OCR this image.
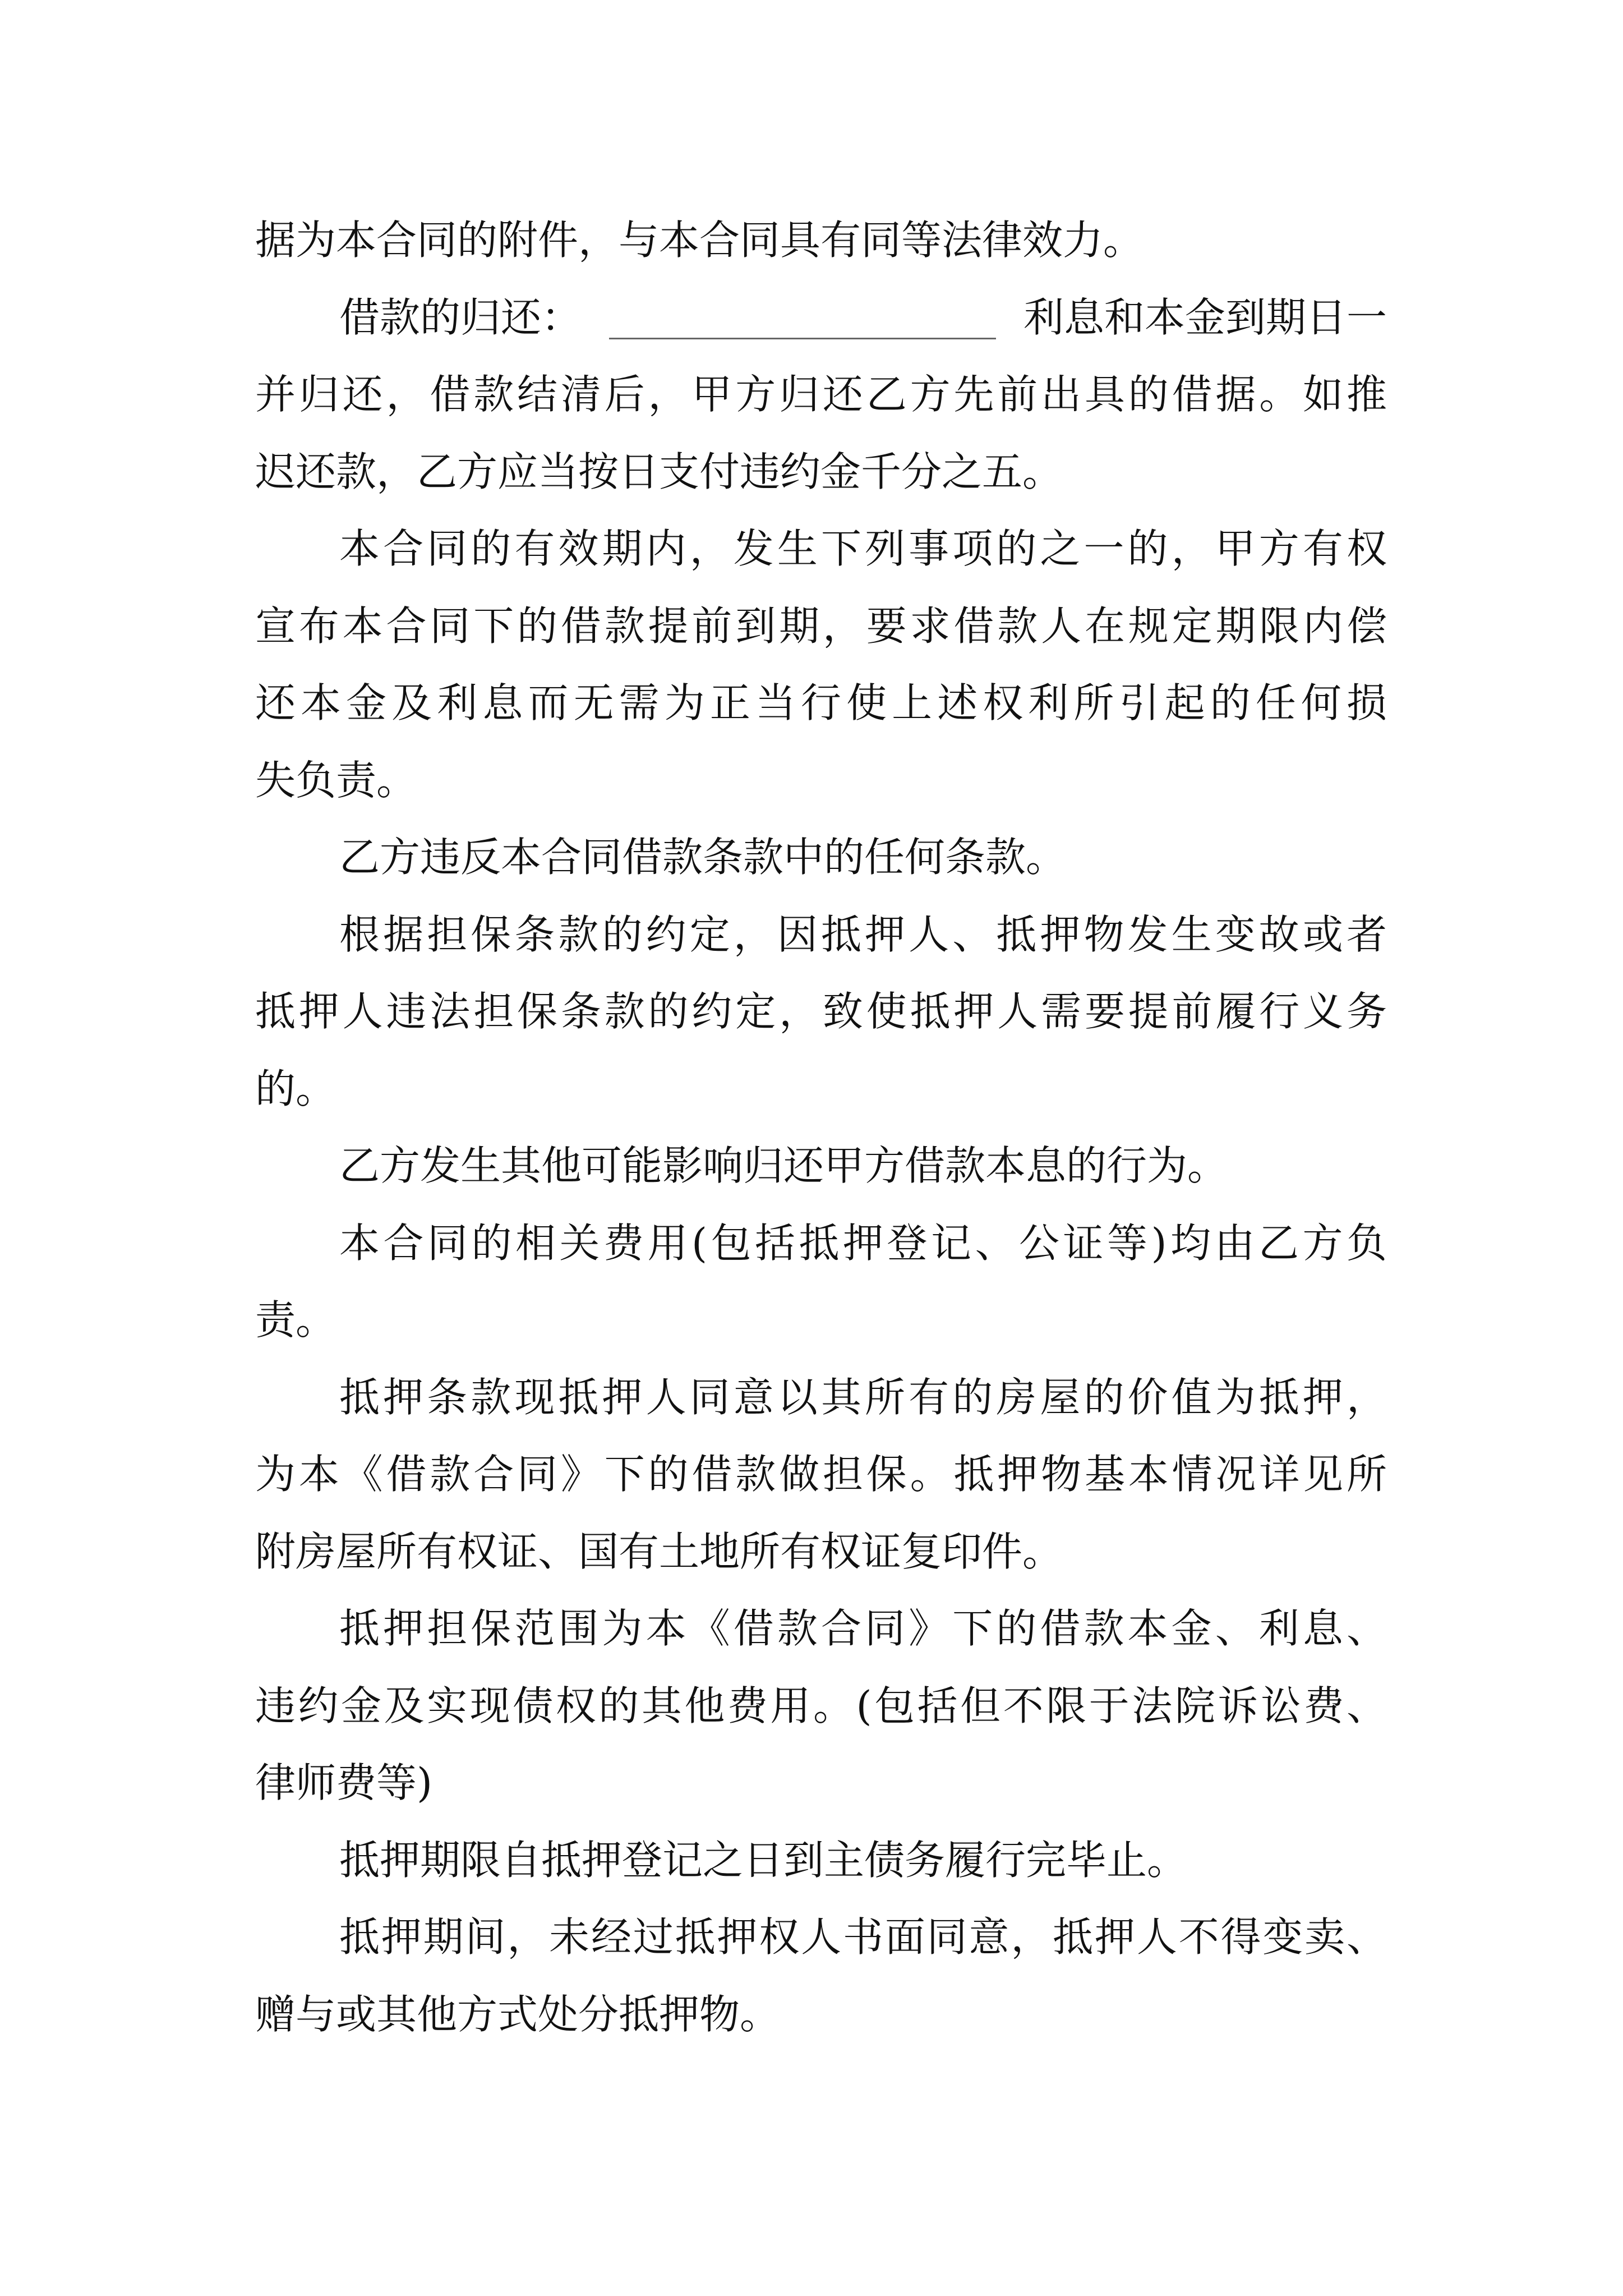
据为本合同的附件，与本合同具有同等法律效力。
借款的归还：	利息和本金到期日一
并归还，借款结清后，甲方归还乙方先前出具的借据。如推
迟还款，乙方应当按日支付违约金千分之五。
本合同的有效期内，发生下列事项的之一的，甲方有权
宣布本合同下的借款提前到期，要求借款人在规定期限内偿
还本金及利息而无需为正当行使上述权利所引起的任何损
失负责。
乙方违反本合同借款条款中的任何条款。
根据担保条款的约定，因抵押人、抵押物发生变故或者
抵押人违法担保条款的约定，致使抵押人需要提前履行义务
的。
乙方发生其他可能影响归还甲方借款本息的行为。
本合同的相关费用(包括抵押登记、公证等)均由乙方负
责。
抵押条款现抵押人同意以其所有的房屋的价值为抵押，
为本《借款合同》下的借款做担保。抵押物基本情况详见所
附房屋所有权证、国有土地所有权证复印件。
抵押担保范围为本《借款合同》下的借款本金、利息、
违约金及实现债权的其他费用。(包括但不限于法院诉讼费、
律师费等)
抵押期限自抵押登记之日到主债务履行完毕止。
抵押期间，未经过抵押权人书面同意，抵押人不得变卖、
赠与或其他方式处分抵押物。
